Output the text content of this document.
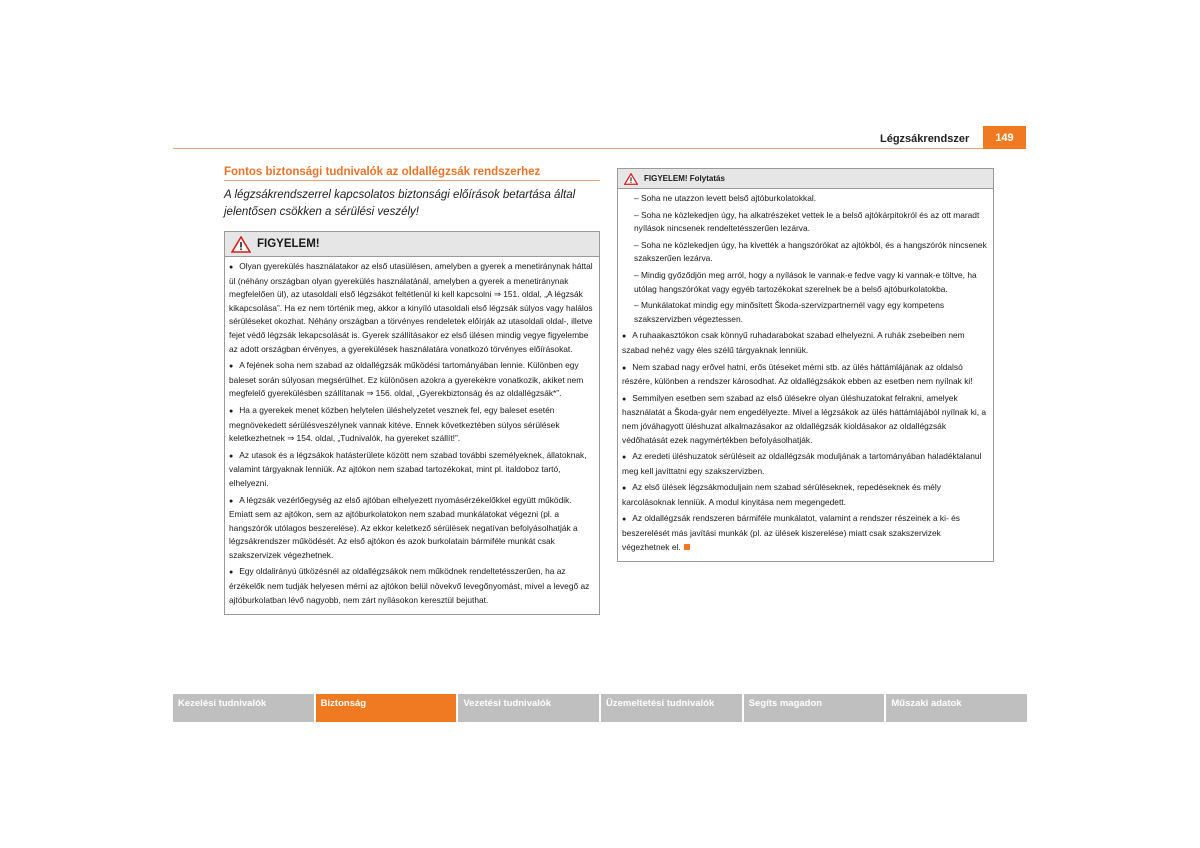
Légzsákrendszer	149
Fontos biztonsági tudnivalók az oldallégzsák rendszerhez
A légzsákrendszerrel kapcsolatos biztonsági előírások betartása által jelentősen csökken a sérülési veszély!
FIGYELEM!

● Olyan gyerekülés használatakor az első utasülésen, amelyben a gyerek a menetiránynak háttal ül (néhány országban olyan gyerekülés használatánál, amelyben a gyerek a menetiránynak megfelelően ül), az utasoldali első légzsákot feltétlenül ki kell kapcsolni ⇒ 151. oldal, „A légzsák kikapcsolása”. Ha ez nem történik meg, akkor a kinyíló utasoldali első légzsák súlyos vagy halálos sérüléseket okozhat. Néhány országban a törvényes rendeletek előírják az utasoldali oldal-, illetve fejet védő légzsák lekapcsolását is. Gyerek szállításakor ez első ülésen mindig vegye figyelembe az adott országban érvényes, a gyerekülések használatára vonatkozó törvényes előírásokat.

● A fejének soha nem szabad az oldallégzsák működési tartományában lennie. Különben egy baleset során súlyosan megsérülhet. Ez különösen azokra a gyerekekre vonatkozik, akiket nem megfelelő gyerekülésben szállítanak ⇒ 156. oldal, „Gyerekbiztonság és az oldallégzsák*”.

● Ha a gyerekek menet közben helytelen üléshelyzetet vesznek fel, egy baleset esetén megnövekedett sérülésveszélynek vannak kitéve. Ennek következtében súlyos sérülések keletkezhetnek ⇒ 154. oldal, „Tudnivalók, ha gyereket szállít!”.

● Az utasok és a légzsákok hatásterülete között nem szabad további személyeknek, állatoknak, valamint tárgyaknak lenniük. Az ajtókon nem szabad tartozékokat, mint pl. italdoboz tartó, elhelyezni.

● A légzsák vezérlőegység az első ajtóban elhelyezett nyomásérzékelőkkel együtt működik. Emiatt sem az ajtókon, sem az ajtóburkolatokon nem szabad munkálatokat végezni (pl. a hangszórók utólagos beszerelése). Az ekkor keletkező sérülések negatívan befolyásolhatják a légzsákrendszer működését. Az első ajtókon és azok burkolatain bármiféle munkát csak szakszervizek végezhetnek.

● Egy oldalirányú ütközésnél az oldallégzsákok nem működnek rendeltetésszerűen, ha az érzékelők nem tudják helyesen mérni az ajtókon belül növekvő levegőnyomást, mivel a levegő az ajtóburkolatban lévő nagyobb, nem zárt nyílásokon keresztül bejuthat.

FIGYELEM! Folytatás

– Soha ne utazzon levett belső ajtóburkolatokkal.

– Soha ne közlekedjen úgy, ha alkatrészeket vettek le a belső ajtókárpitokról és az ott maradt nyílások nincsenek rendeltetésszerűen lezárva.

– Soha ne közlekedjen úgy, ha kivették a hangszórókat az ajtókból, és a hangszórók nincsenek szakszerűen lezárva.

– Mindig győződjön meg arról, hogy a nyílások le vannak-e fedve vagy ki vannak-e töltve, ha utólag hangszórókat vagy egyéb tartozékokat szerelnek be a belső ajtóburkolatokba.

– Munkálatokat mindig egy minősített Škoda-szervizpartnernél vagy egy kompetens szakszervizben végeztessen.

● A ruhaakasztókon csak könnyű ruhadarabokat szabad elhelyezni. A ruhák zsebeiben nem szabad nehéz vagy éles szélű tárgyaknak lenniük.

● Nem szabad nagy erővel hatni, erős ütéseket mérni stb. az ülés háttámlájának az oldalsó részére, különben a rendszer károsodhat. Az oldallégzsákok ebben az esetben nem nyílnak ki!

● Semmilyen esetben sem szabad az első ülésekre olyan üléshuzatokat felrakni, amelyek használatát a Škoda-gyár nem engedélyezte. Mivel a légzsákok az ülés háttámlájából nyílnak ki, a nem jóváhagyott üléshuzat alkalmazásakor az oldallégzsák kioldásakor az oldallégzsák védőhatását ezek nagymértékben befolyásolhatják.

● Az eredeti üléshuzatok sérüléseit az oldallégzsák moduljának a tartományában haladéktalanul meg kell javíttatni egy szakszervizben.

● Az első ülések légzsákmoduljain nem szabad sérüléseknek, repedéseknek és mély karcolásoknak lenniük. A modul kinyitása nem megengedett.

● Az oldallégzsák rendszeren bármiféle munkálatot, valamint a rendszer részeinek a ki- és beszerelését más javítási munkák (pl. az ülések kiszerelése) miatt csak szakszervizek végezhetnek el.

Kezelési tudnivalók	Biztonság	Vezetési tudnivalók	Üzemeltetési tudnivalók	Segíts magadon	Műszaki adatok
